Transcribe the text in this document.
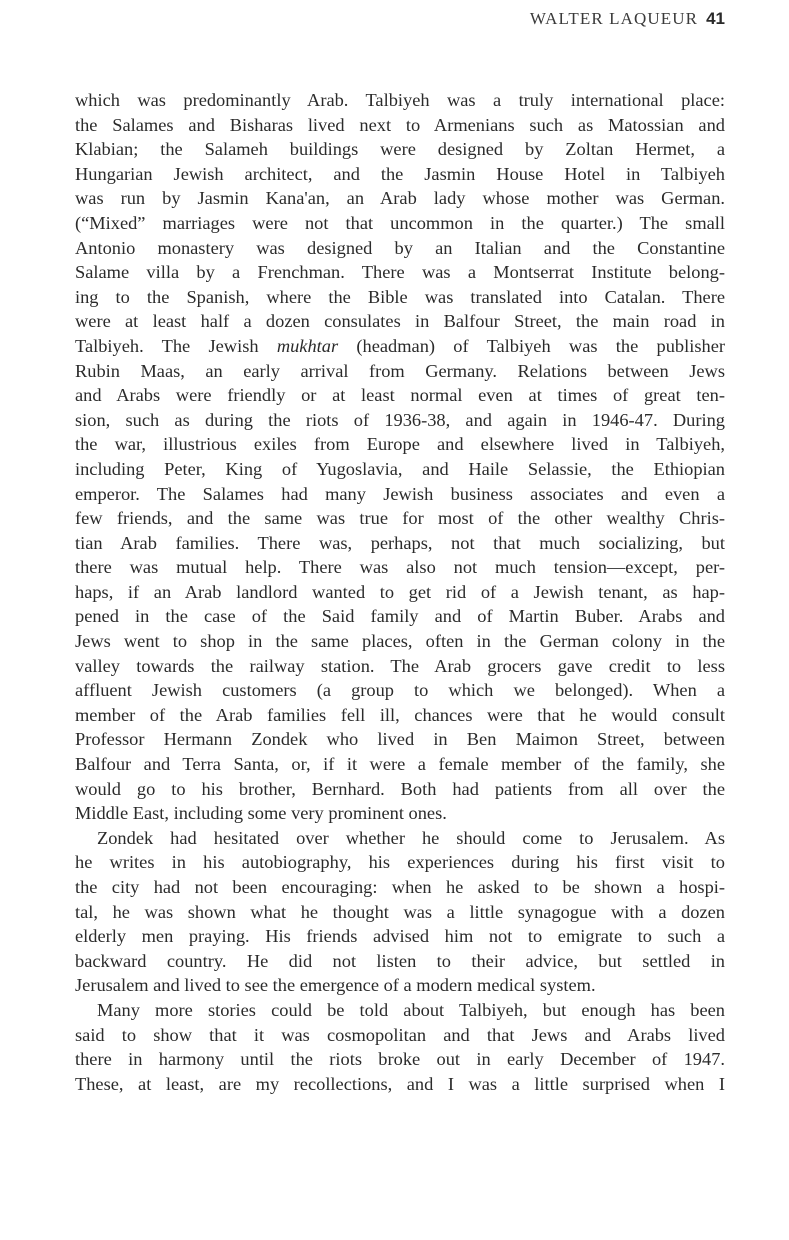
WALTER LAQUEUR 41
which was predominantly Arab. Talbiyeh was a truly international place:
the Salames and Bisharas lived next to Armenians such as Matossian and
Klabian; the Salameh buildings were designed by Zoltan Hermet, a
Hungarian Jewish architect, and the Jasmin House Hotel in Talbiyeh
was run by Jasmin Kana'an, an Arab lady whose mother was German.
(“Mixed” marriages were not that uncommon in the quarter.) The small
Antonio monastery was designed by an Italian and the Constantine
Salame villa by a Frenchman. There was a Montserrat Institute belong-
ing to the Spanish, where the Bible was translated into Catalan. There
were at least half a dozen consulates in Balfour Street, the main road in
Talbiyeh. The Jewish mukhtar (headman) of Talbiyeh was the publisher
Rubin Maas, an early arrival from Germany. Relations between Jews
and Arabs were friendly or at least normal even at times of great ten-
sion, such as during the riots of 1936-38, and again in 1946-47. During
the war, illustrious exiles from Europe and elsewhere lived in Talbiyeh,
including Peter, King of Yugoslavia, and Haile Selassie, the Ethiopian
emperor. The Salames had many Jewish business associates and even a
few friends, and the same was true for most of the other wealthy Chris-
tian Arab families. There was, perhaps, not that much socializing, but
there was mutual help. There was also not much tension—except, per-
haps, if an Arab landlord wanted to get rid of a Jewish tenant, as hap-
pened in the case of the Said family and of Martin Buber. Arabs and
Jews went to shop in the same places, often in the German colony in the
valley towards the railway station. The Arab grocers gave credit to less
affluent Jewish customers (a group to which we belonged). When a
member of the Arab families fell ill, chances were that he would consult
Professor Hermann Zondek who lived in Ben Maimon Street, between
Balfour and Terra Santa, or, if it were a female member of the family, she
would go to his brother, Bernhard. Both had patients from all over the
Middle East, including some very prominent ones.
Zondek had hesitated over whether he should come to Jerusalem. As
he writes in his autobiography, his experiences during his first visit to
the city had not been encouraging: when he asked to be shown a hospi-
tal, he was shown what he thought was a little synagogue with a dozen
elderly men praying. His friends advised him not to emigrate to such a
backward country. He did not listen to their advice, but settled in
Jerusalem and lived to see the emergence of a modern medical system.
Many more stories could be told about Talbiyeh, but enough has been
said to show that it was cosmopolitan and that Jews and Arabs lived
there in harmony until the riots broke out in early December of 1947.
These, at least, are my recollections, and I was a little surprised when I
